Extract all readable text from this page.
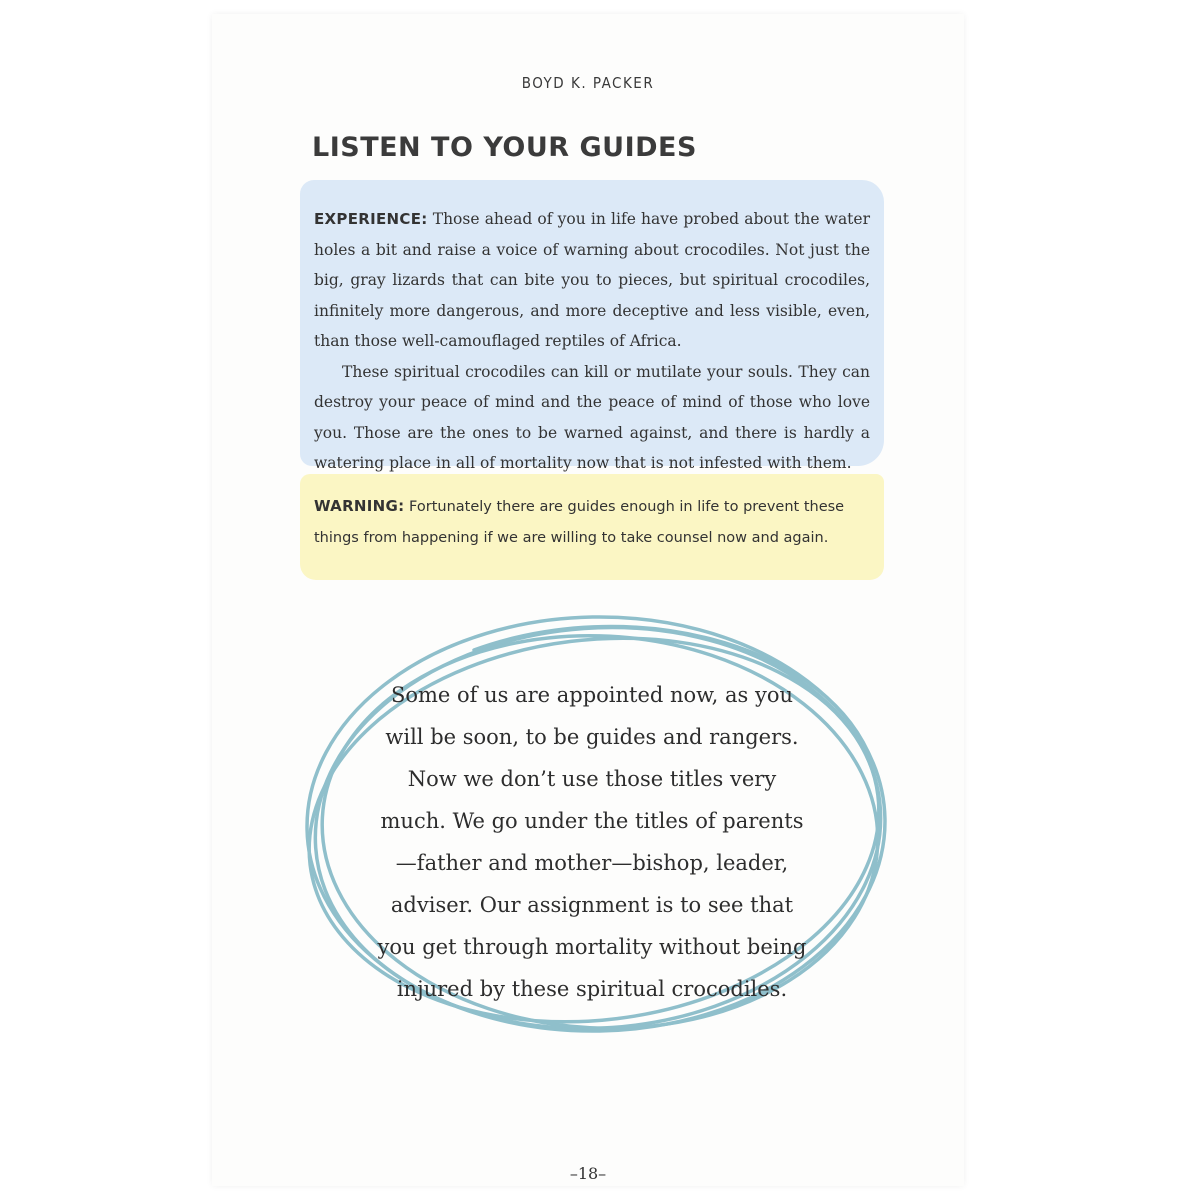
BOYD K. PACKER
LISTEN TO YOUR GUIDES

EXPERIENCE: Those ahead of you in life have probed about the water holes a bit and raise a voice of warning about crocodiles. Not just the big, gray lizards that can bite you to pieces, but spiritual crocodiles, infinitely more dangerous, and more deceptive and less visible, even, than those well-camouflaged reptiles of Africa.

These spiritual crocodiles can kill or mutilate your souls. They can destroy your peace of mind and the peace of mind of those who love you. Those are the ones to be warned against, and there is hardly a watering place in all of mortality now that is not infested with them.

WARNING: Fortunately there are guides enough in life to prevent these things from happening if we are willing to take counsel now and again.

Some of us are appointed now, as you will be soon, to be guides and rangers. Now we don’t use those titles very much. We go under the titles of parents—father and mother—bishop, leader, adviser. Our assignment is to see that you get through mortality without being injured by these spiritual crocodiles.

–18–
